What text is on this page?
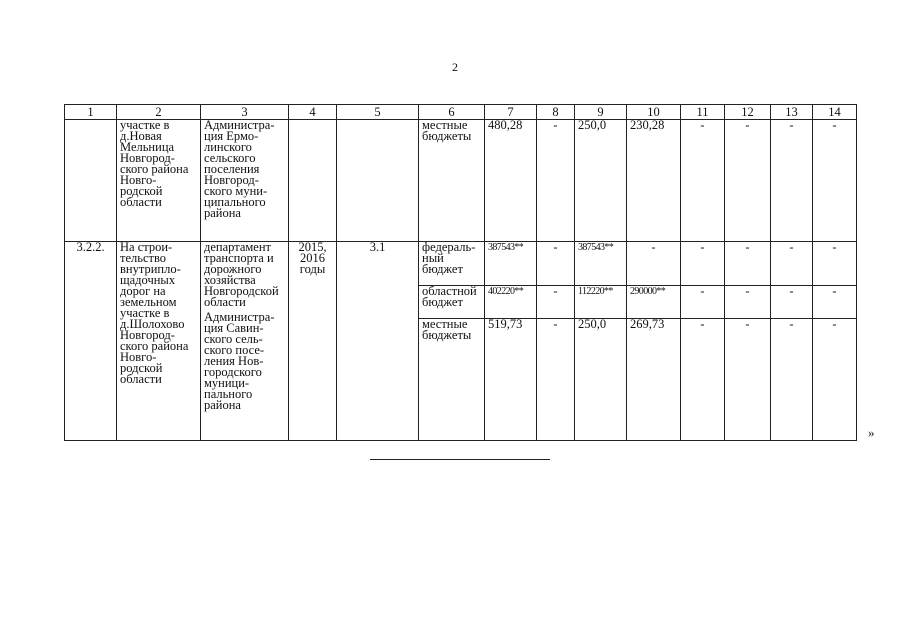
2
1	2	3	4	5	6	7	8	9	10	11	12	13	14
	участке в д.Новая Мельница Новгород-ского района Новго-родской области	Администра-ция Ермо-линского сельского поселения Новгород-ского муни-ципального района			местные бюджеты	480,28	-	250,0	230,28	-	-	-	-
3.2.2.	На строи-тельство внутрипло-щадочных дорог на земельном участке в д.Шолохово Новгород-ского района Новго-родской области	департамент транспорта и дорожного хозяйства Новгородской области
Администра-ция Савин-ского сель-ского посе-ления Нов-городского муници-пального района	2015, 2016 годы	3.1	федераль-ный бюджет	387543**	-	387543**	-	-	-	-	-
					областной бюджет	402220**	-	112220**	290000**	-	-	-	-
					местные бюджеты	519,73	-	250,0	269,73	-	-	-	-
»
